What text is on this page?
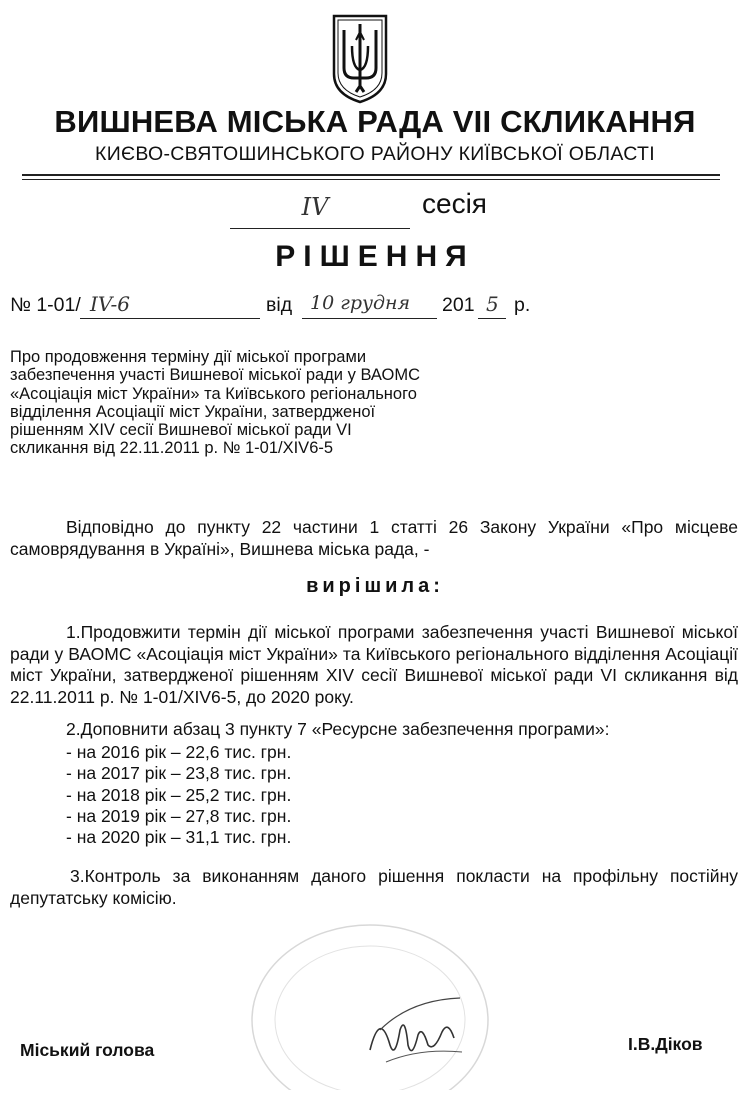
ВИШНЕВА МІСЬКА РАДА VII СКЛИКАННЯ
КИЄВО-СВЯТОШИНСЬКОГО РАЙОНУ КИЇВСЬКОЇ ОБЛАСТІ
IV	сесія
РІШЕННЯ
№ 1-01/ IV-6	від 10 грудня 201 5 р.
Про продовження терміну дії міської програми
забезпечення участі Вишневої міської ради у ВАОМС
«Асоціація міст України» та Київського регіонального
відділення Асоціації міст України, затвердженої
рішенням XIV сесії Вишневої міської ради VI
скликання від 22.11.2011 р. № 1-01/XIV6-5
Відповідно до пункту 22 частини 1 статті 26 Закону України «Про місцеве самоврядування в Україні», Вишнева міська рада, -
вирішила:
1.Продовжити термін дії міської програми забезпечення участі Вишневої міської ради у ВАОМС «Асоціація міст України» та Київського регіонального відділення Асоціації міст України, затвердженої рішенням XIV сесії Вишневої міської ради VI скликання від 22.11.2011 р. № 1-01/XIV6-5, до 2020 року.
2.Доповнити абзац 3 пункту 7 «Ресурсне забезпечення програми»:
- на 2016 рік – 22,6 тис. грн.
- на 2017 рік – 23,8 тис. грн.
- на 2018 рік – 25,2 тис. грн.
- на 2019 рік – 27,8 тис. грн.
- на 2020 рік – 31,1 тис. грн.
3.Контроль за виконанням даного рішення покласти на профільну постійну депутатську комісію.
Міський голова	І.В.Діков
